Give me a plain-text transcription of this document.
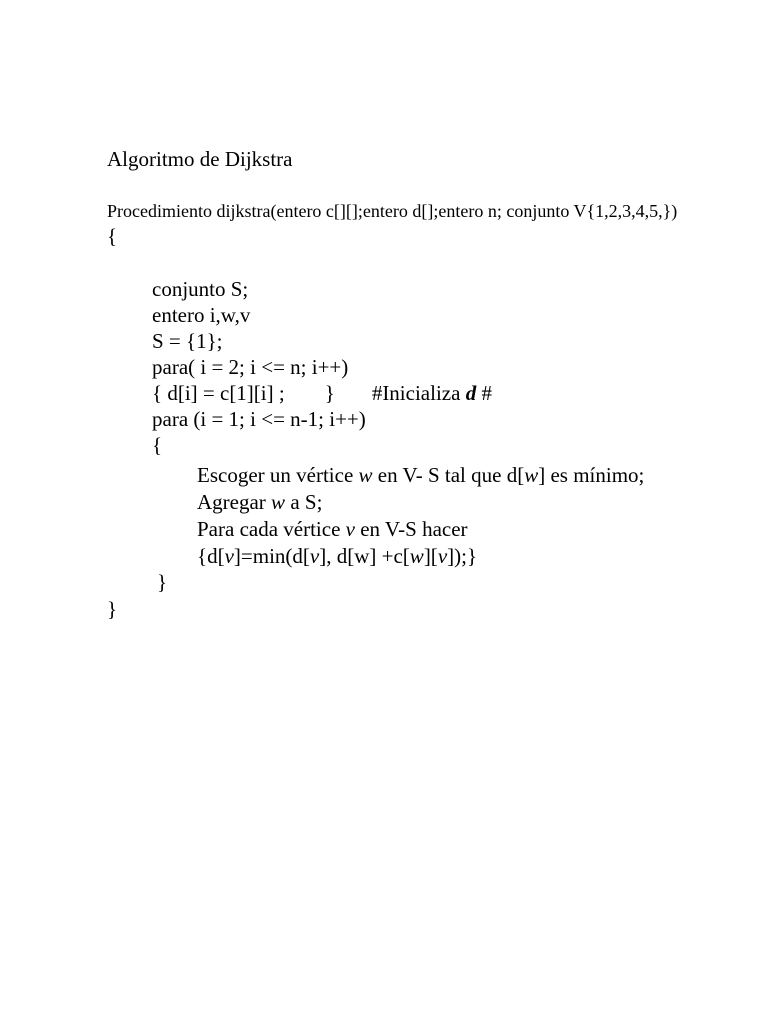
Algoritmo de Dijkstra
Procedimiento dijkstra(entero c[][];entero d[];entero n; conjunto V{1,2,3,4,5,})
{
conjunto S;
entero i,w,v
S = {1};
para( i = 2; i <= n; i++)
{ d[i] = c[1][i] ; } #Inicializa d #
para (i = 1; i <= n-1; i++)
{
Escoger un vértice w en V- S tal que d[w] es mínimo;
Agregar w a S;
Para cada vértice v en V-S hacer
{d[v]=min(d[v], d[w] +c[w][v]);}
}
}
